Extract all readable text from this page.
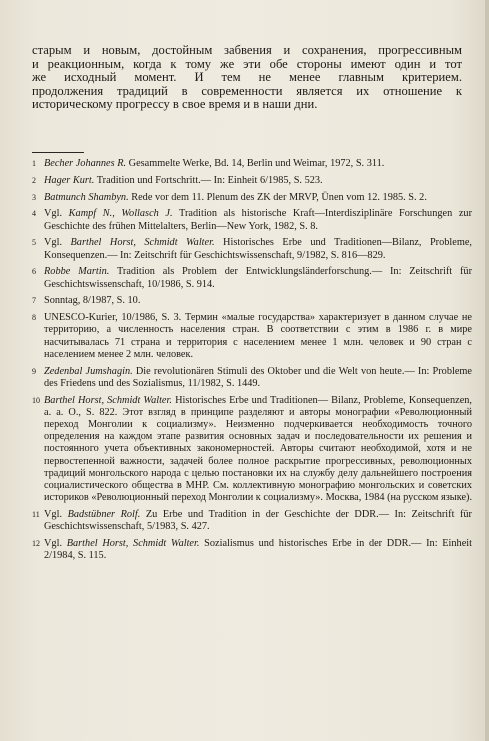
старым и новым, достойным забвения и сохранения, прогрессивным
и реакционным, когда к тому же эти обе стороны имеют один и тот
же исходный момент. И тем не менее главным критерием.
продолжения традиций в современности является их отношение к
историческому прогрессу в свое время и в наши дни.
1 Becher Johannes R. Gesammelte Werke, Bd. 14, Berlin und Weimar, 1972, S. 311.
2 Hager Kurt. Tradition und Fortschritt.— In: Einheit 6/1985, S. 523.
3 Batmunch Shambyn. Rede vor dem 11. Plenum des ZK der MRVP, Ünen vom 12. 1985. S. 2.
4 Vgl. Kampf N., Wollasch J. Tradition als historische Kraft—Interdisziplinäre Forschungen zur Geschichte des frühen Mittelalters, Berlin—New York, 1982, S. 8.
5 Vgl. Barthel Horst, Schmidt Walter. Historisches Erbe und Traditionen—Bilanz, Probleme, Konsequenzen.— In: Zeitschrift für Geschichtswissenschaft, 9/1982, S. 816—829.
6 Robbe Martin. Tradition als Problem der Entwicklungsländerforschung.— In: Zeitschrift für Geschichtswissenschaft, 10/1986, S. 914.
7 Sonntag, 8/1987, S. 10.
8 UNESCO-Kurier, 10/1986, S. 3. Термин «малые государства» характеризует в данном случае не территорию, а численность населения стран. В соответствии с этим в 1986 г. в мире насчитывалась 71 страна и территория с населением менее 1 млн. человек и 90 стран с населением менее 2 млн. человек.
9 Zedenbal Jumshagin. Die revolutionären Stimuli des Oktober und die Welt von heute.— In: Probleme des Friedens und des Sozialismus, 11/1982, S. 1449.
10 Barthel Horst, Schmidt Walter. Historisches Erbe und Traditionen— Bilanz, Probleme, Konsequenzen, a. a. O., S. 822. Этот взгляд в принципе разделяют и авторы монографии «Революционный переход Монголии к социализму». Неизменно подчеркивается необходимость точного определения на каждом этапе развития основных задач и последовательности их решения и постоянного учета объективных закономерностей. Авторы считают необходимой, хотя и не первостепенной важности, задачей более полное раскрытие прогрессивных, революционных традиций монгольского народа с целью постановки их на службу делу дальнейшего построения социалистического общества в МНР. См. коллективную монографию монгольских и советских историков «Революционный переход Монголии к социализму». Москва, 1984 (на русском языке).
11 Vgl. Badstübner Rolf. Zu Erbe und Tradition in der Geschichte der DDR.— In: Zeitschrift für Geschichtswissenschaft, 5/1983, S. 427.
12 Vgl. Barthel Horst, Schmidt Walter. Sozialismus und historisches Erbe in der DDR.— In: Einheit 2/1984, S. 115.
